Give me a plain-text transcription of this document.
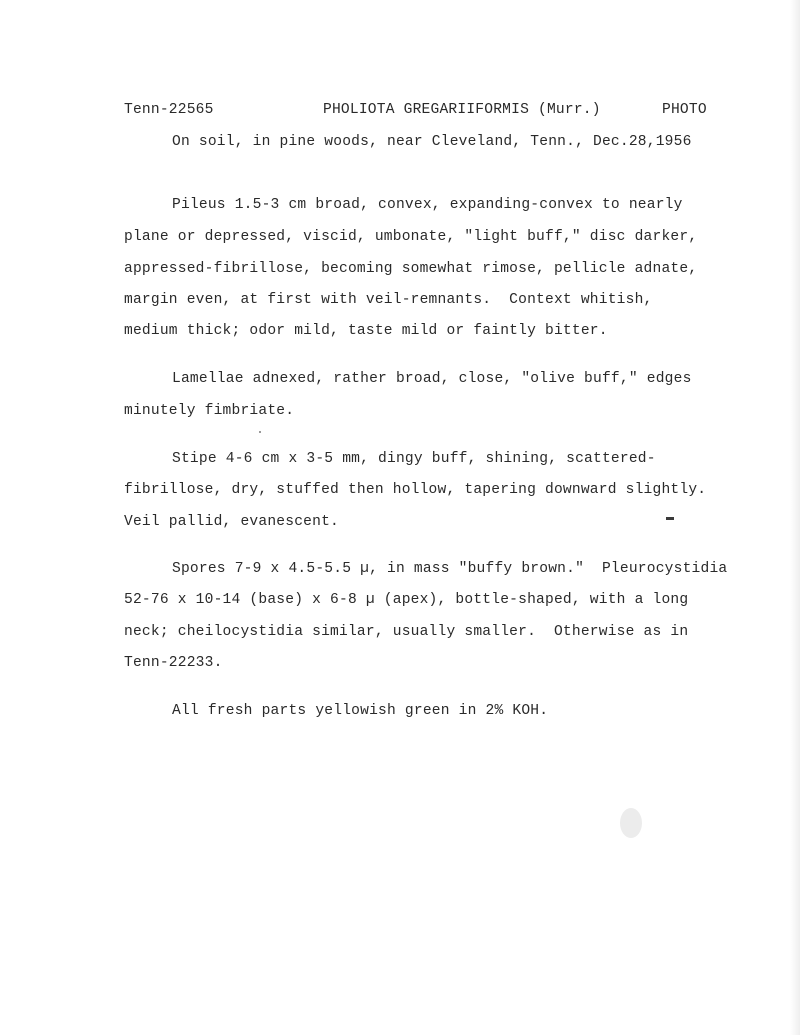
Tenn-22565	PHOLIOTA GREGARIIFORMIS (Murr.)	PHOTO
On soil, in pine woods, near Cleveland, Tenn., Dec.28,1956
Pileus 1.5-3 cm broad, convex, expanding-convex to nearly
plane or depressed, viscid, umbonate, "light buff," disc darker,
appressed-fibrillose, becoming somewhat rimose, pellicle adnate,
margin even, at first with veil-remnants.  Context whitish,
medium thick; odor mild, taste mild or faintly bitter.
Lamellae adnexed, rather broad, close, "olive buff," edges
minutely fimbriate.
Stipe 4-6 cm x 3-5 mm, dingy buff, shining, scattered-
fibrillose, dry, stuffed then hollow, tapering downward slightly.
Veil pallid, evanescent.
Spores 7-9 x 4.5-5.5 µ, in mass "buffy brown."  Pleurocystidia
52-76 x 10-14 (base) x 6-8 µ (apex), bottle-shaped, with a long
neck; cheilocystidia similar, usually smaller.  Otherwise as in
Tenn-22233.
All fresh parts yellowish green in 2% KOH.
